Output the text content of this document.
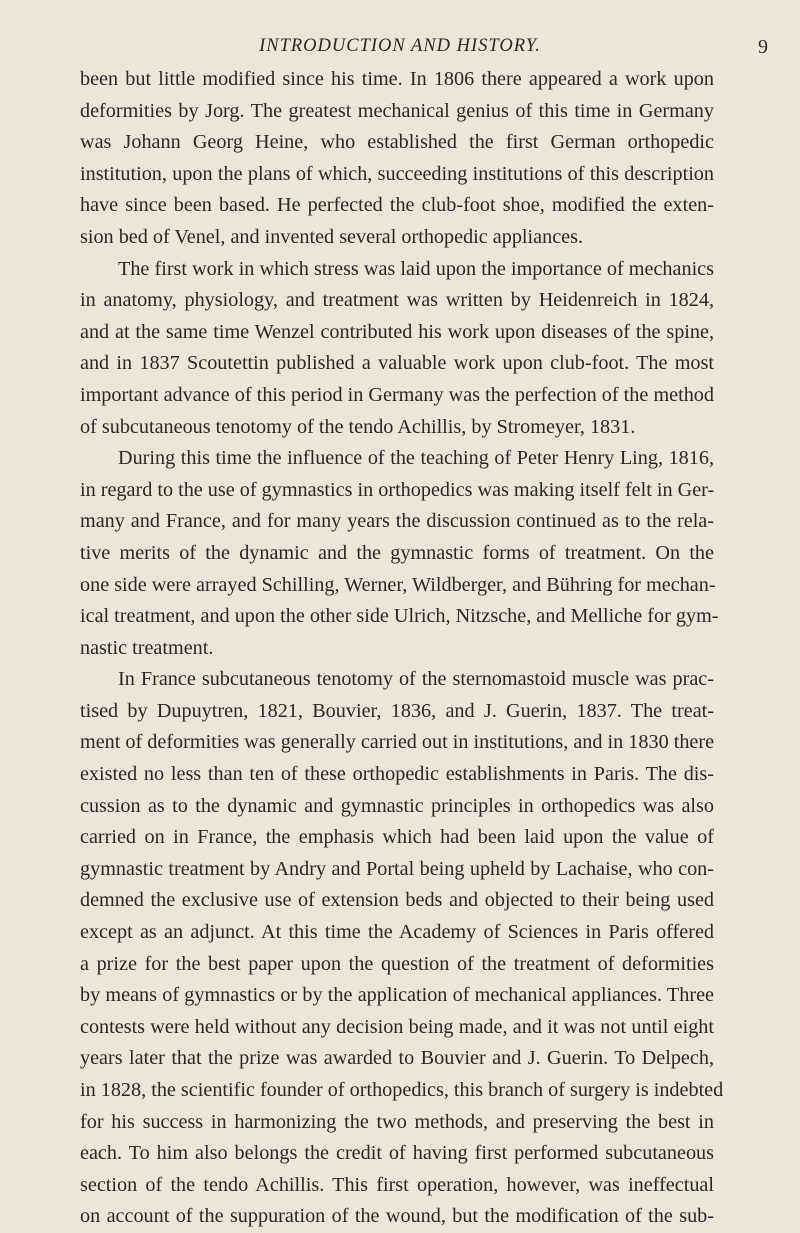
INTRODUCTION AND HISTORY.	9
been but little modified since his time. In 1806 there appeared a work upon
deformities by Jorg. The greatest mechanical genius of this time in Germany
was Johann Georg Heine, who established the first German orthopedic
institution, upon the plans of which, succeeding institutions of this description
have since been based. He perfected the club-foot shoe, modified the exten-
sion bed of Venel, and invented several orthopedic appliances.
The first work in which stress was laid upon the importance of mechanics
in anatomy, physiology, and treatment was written by Heidenreich in 1824,
and at the same time Wenzel contributed his work upon diseases of the spine,
and in 1837 Scoutettin published a valuable work upon club-foot. The most
important advance of this period in Germany was the perfection of the method
of subcutaneous tenotomy of the tendo Achillis, by Stromeyer, 1831.
During this time the influence of the teaching of Peter Henry Ling, 1816,
in regard to the use of gymnastics in orthopedics was making itself felt in Ger-
many and France, and for many years the discussion continued as to the rela-
tive merits of the dynamic and the gymnastic forms of treatment. On the
one side were arrayed Schilling, Werner, Wildberger, and Bühring for mechan-
ical treatment, and upon the other side Ulrich, Nitzsche, and Melliche for gym-
nastic treatment.
In France subcutaneous tenotomy of the sternomastoid muscle was prac-
tised by Dupuytren, 1821, Bouvier, 1836, and J. Guerin, 1837. The treat-
ment of deformities was generally carried out in institutions, and in 1830 there
existed no less than ten of these orthopedic establishments in Paris. The dis-
cussion as to the dynamic and gymnastic principles in orthopedics was also
carried on in France, the emphasis which had been laid upon the value of
gymnastic treatment by Andry and Portal being upheld by Lachaise, who con-
demned the exclusive use of extension beds and objected to their being used
except as an adjunct. At this time the Academy of Sciences in Paris offered
a prize for the best paper upon the question of the treatment of deformities
by means of gymnastics or by the application of mechanical appliances. Three
contests were held without any decision being made, and it was not until eight
years later that the prize was awarded to Bouvier and J. Guerin. To Delpech,
in 1828, the scientific founder of orthopedics, this branch of surgery is indebted
for his success in harmonizing the two methods, and preserving the best in
each. To him also belongs the credit of having first performed subcutaneous
section of the tendo Achillis. This first operation, however, was ineffectual
on account of the suppuration of the wound, but the modification of the sub-
